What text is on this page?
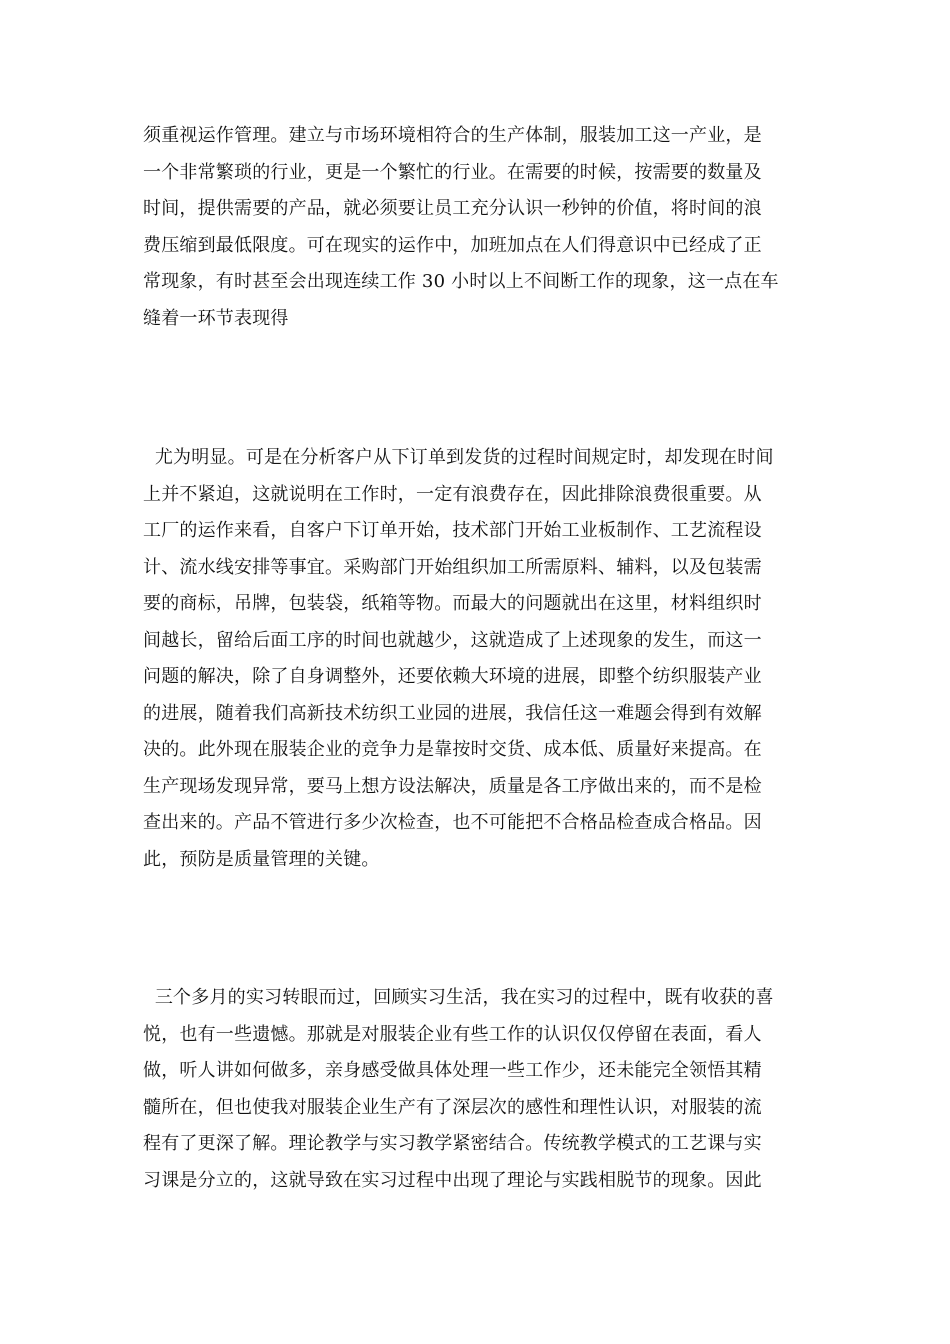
须重视运作管理。建立与市场环境相符合的生产体制，服装加工这一产业，是
一个非常繁琐的行业，更是一个繁忙的行业。在需要的时候，按需要的数量及
时间，提供需要的产品，就必须要让员工充分认识一秒钟的价值，将时间的浪
费压缩到最低限度。可在现实的运作中，加班加点在人们得意识中已经成了正
常现象，有时甚至会出现连续工作 30 小时以上不间断工作的现象，这一点在车
缝着一环节表现得
尤为明显。可是在分析客户从下订单到发货的过程时间规定时，却发现在时间
上并不紧迫，这就说明在工作时，一定有浪费存在，因此排除浪费很重要。从
工厂的运作来看，自客户下订单开始，技术部门开始工业板制作、工艺流程设
计、流水线安排等事宜。采购部门开始组织加工所需原料、辅料，以及包装需
要的商标，吊牌，包装袋，纸箱等物。而最大的问题就出在这里，材料组织时
间越长，留给后面工序的时间也就越少，这就造成了上述现象的发生，而这一
问题的解决，除了自身调整外，还要依赖大环境的进展，即整个纺织服装产业
的进展，随着我们高新技术纺织工业园的进展，我信任这一难题会得到有效解
决的。此外现在服装企业的竞争力是靠按时交货、成本低、质量好来提高。在
生产现场发现异常，要马上想方设法解决，质量是各工序做出来的，而不是检
查出来的。产品不管进行多少次检查，也不可能把不合格品检查成合格品。因
此，预防是质量管理的关键。
三个多月的实习转眼而过，回顾实习生活，我在实习的过程中，既有收获的喜
悦，也有一些遗憾。那就是对服装企业有些工作的认识仅仅停留在表面，看人
做，听人讲如何做多，亲身感受做具体处理一些工作少，还未能完全领悟其精
髓所在，但也使我对服装企业生产有了深层次的感性和理性认识，对服装的流
程有了更深了解。理论教学与实习教学紧密结合。传统教学模式的工艺课与实
习课是分立的，这就导致在实习过程中出现了理论与实践相脱节的现象。因此
